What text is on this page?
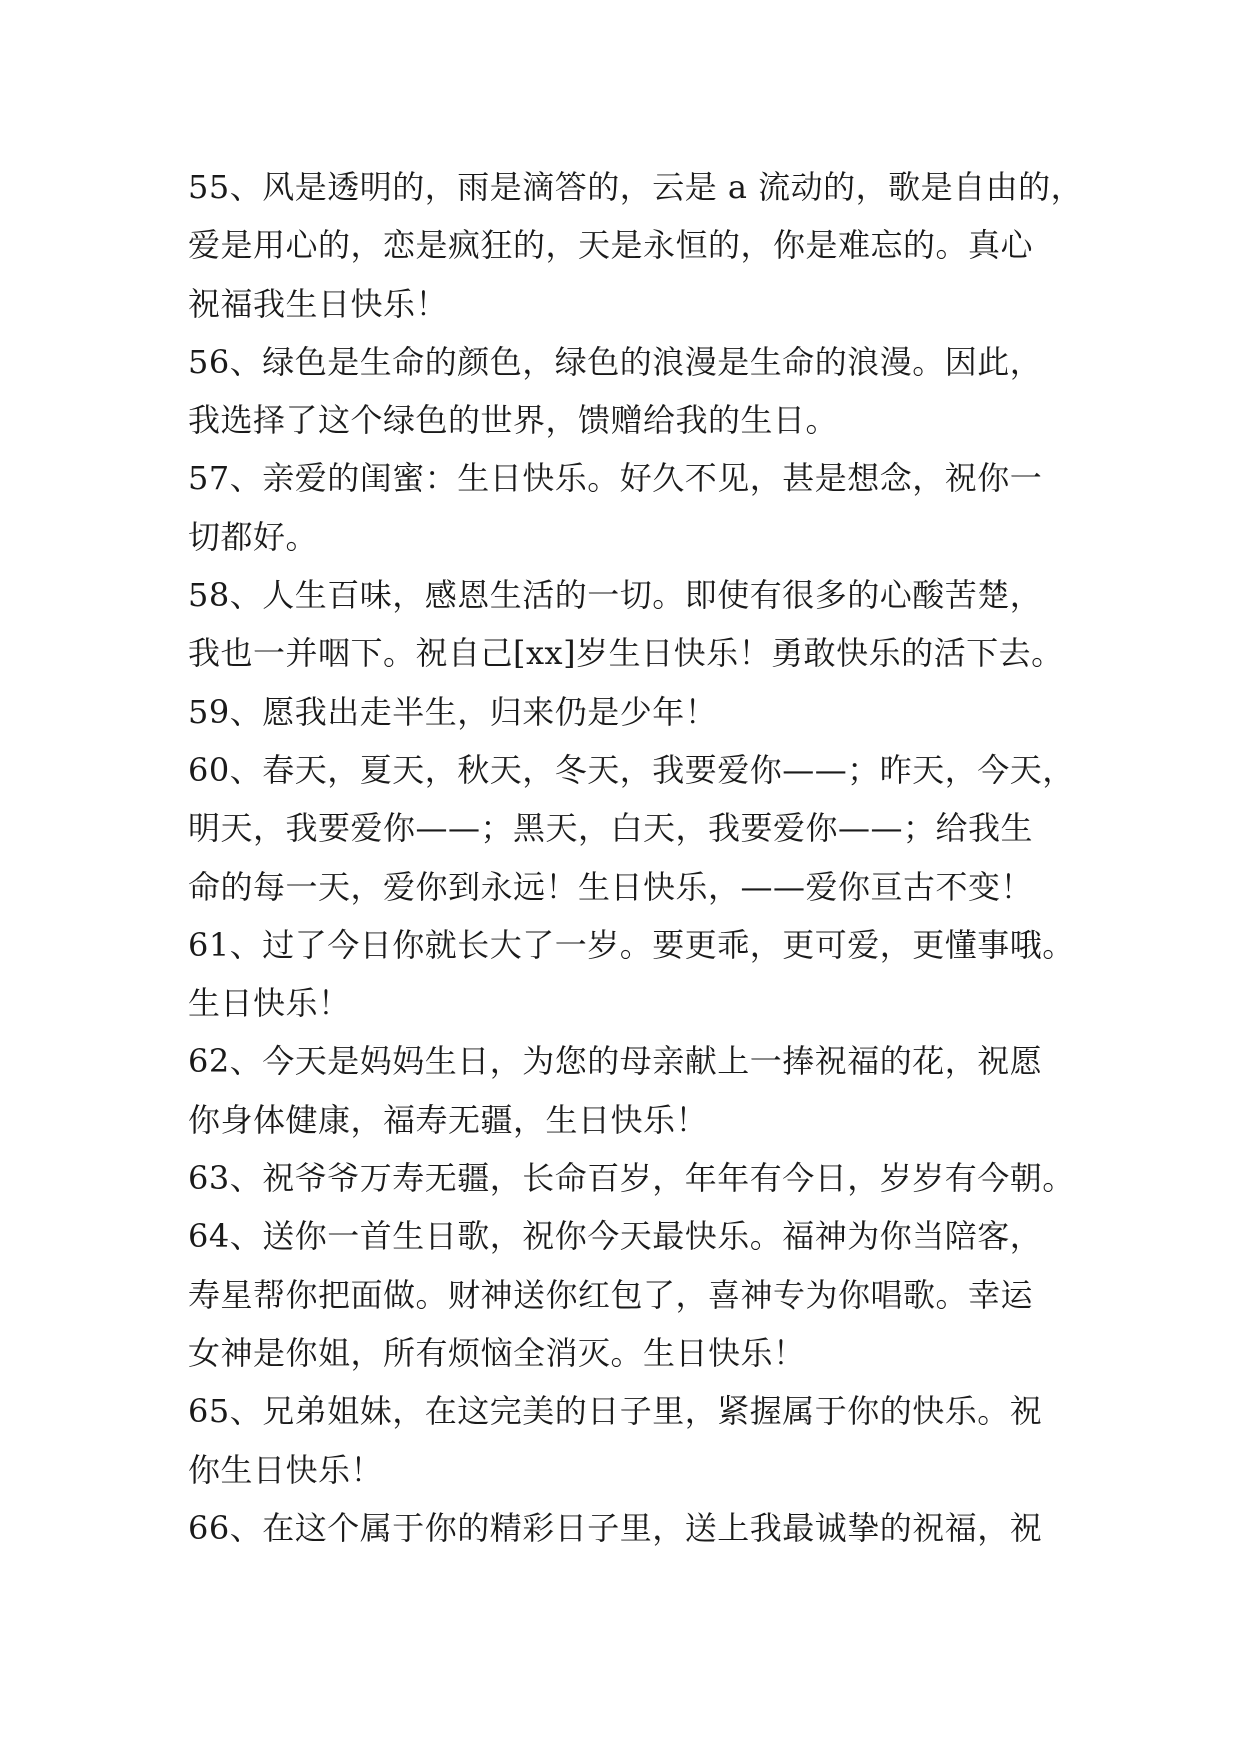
55、风是透明的，雨是滴答的，云是 a 流动的，歌是自由的，
爱是用心的，恋是疯狂的，天是永恒的，你是难忘的。真心
祝福我生日快乐！
56、绿色是生命的颜色，绿色的浪漫是生命的浪漫。因此，
我选择了这个绿色的世界，馈赠给我的生日。
57、亲爱的闺蜜：生日快乐。好久不见，甚是想念，祝你一
切都好。
58、人生百味，感恩生活的一切。即使有很多的心酸苦楚，
我也一并咽下。祝自己[xx]岁生日快乐！勇敢快乐的活下去。
59、愿我出走半生，归来仍是少年！
60、春天，夏天，秋天，冬天，我要爱你——；昨天，今天，
明天，我要爱你——；黑天，白天，我要爱你——；给我生
命的每一天，爱你到永远！生日快乐，——爱你亘古不变！
61、过了今日你就长大了一岁。要更乖，更可爱，更懂事哦。
生日快乐！
62、今天是妈妈生日，为您的母亲献上一捧祝福的花，祝愿
你身体健康，福寿无疆，生日快乐！
63、祝爷爷万寿无疆，长命百岁，年年有今日，岁岁有今朝。
64、送你一首生日歌，祝你今天最快乐。福神为你当陪客，
寿星帮你把面做。财神送你红包了，喜神专为你唱歌。幸运
女神是你姐，所有烦恼全消灭。生日快乐！
65、兄弟姐妹，在这完美的日子里，紧握属于你的快乐。祝
你生日快乐！
66、在这个属于你的精彩日子里，送上我最诚挚的祝福，祝
